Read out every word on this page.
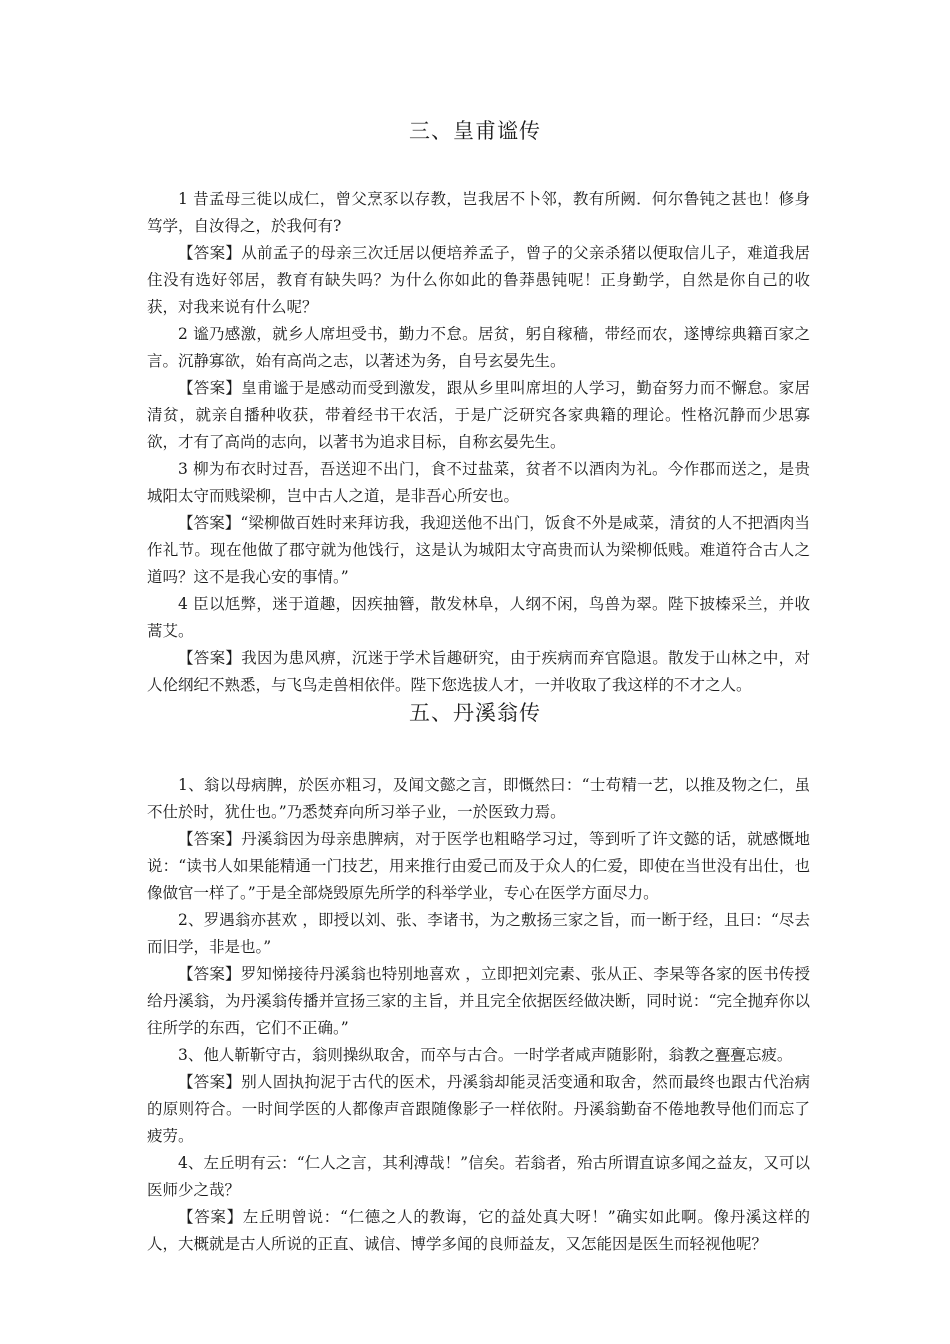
三、皇甫谧传

1 昔孟母三徙以成仁，曾父烹豕以存教，岂我居不卜邻，教有所阙．何尔鲁钝之甚也！修身笃学，自汝得之，於我何有?

【答案】从前孟子的母亲三次迁居以便培养孟子，曾子的父亲杀猪以便取信儿子，难道我居住没有选好邻居，教育有缺失吗？为什么你如此的鲁莽愚钝呢！正身勤学，自然是你自己的收获，对我来说有什么呢？

2 谧乃感激，就乡人席坦受书，勤力不怠。居贫，躬自稼穑，带经而农，遂博综典籍百家之言。沉静寡欲，始有高尚之志，以著述为务，自号玄晏先生。

【答案】皇甫谧于是感动而受到激发，跟从乡里叫席坦的人学习，勤奋努力而不懈怠。家居清贫，就亲自播种收获，带着经书干农活，于是广泛研究各家典籍的理论。性格沉静而少思寡欲，才有了高尚的志向，以著书为追求目标，自称玄晏先生。

3 柳为布衣时过吾，吾送迎不出门，食不过盐菜，贫者不以酒肉为礼。今作郡而送之，是贵城阳太守而贱梁柳，岂中古人之道，是非吾心所安也。

【答案】“梁柳做百姓时来拜访我，我迎送他不出门，饭食不外是咸菜，清贫的人不把酒肉当作礼节。现在他做了郡守就为他饯行，这是认为城阳太守高贵而认为梁柳低贱。难道符合古人之道吗？这不是我心安的事情。”

4 臣以尪弊，迷于道趣，因疾抽簪，散发林阜，人纲不闲，鸟兽为翠。陛下披榛采兰，并收蒿艾。

【答案】我因为患风痹，沉迷于学术旨趣研究，由于疾病而弃官隐退。散发于山林之中，对人伦纲纪不熟悉，与飞鸟走兽相依伴。陛下您选拔人才，一并收取了我这样的不才之人。

五、丹溪翁传

1、翁以母病脾，於医亦粗习，及闻文懿之言，即慨然曰：“士苟精一艺，以推及物之仁，虽不仕於时，犹仕也。”乃悉焚弃向所习举子业，一於医致力焉。

【答案】丹溪翁因为母亲患脾病，对于医学也粗略学习过，等到听了许文懿的话，就感慨地说：“读书人如果能精通一门技艺，用来推行由爱己而及于众人的仁爱，即使在当世没有出仕，也像做官一样了。”于是全部烧毁原先所学的科举学业，专心在医学方面尽力。

2、罗遇翁亦甚欢 ，即授以刘、张、李诸书，为之敷扬三家之旨，而一断于经，且曰：“尽去而旧学，非是也。”

【答案】罗知悌接待丹溪翁也特别地喜欢 ，立即把刘完素、张从正、李杲等各家的医书传授给丹溪翁，为丹溪翁传播并宣扬三家的主旨，并且完全依据医经做决断，同时说：“完全抛弃你以往所学的东西，它们不正确。”

3、他人靳靳守古，翁则操纵取舍，而卒与古合。一时学者咸声随影附，翁教之亹亹忘疲。

【答案】别人固执拘泥于古代的医术，丹溪翁却能灵活变通和取舍，然而最终也跟古代治病的原则符合。一时间学医的人都像声音跟随像影子一样依附。丹溪翁勤奋不倦地教导他们而忘了疲劳。

4、左丘明有云：“仁人之言，其利溥哉！”信矣。若翁者，殆古所谓直谅多闻之益友，又可以医师少之哉？

【答案】左丘明曾说：“仁德之人的教诲，它的益处真大呀！”确实如此啊。像丹溪这样的人，大概就是古人所说的正直、诚信、博学多闻的良师益友，又怎能因是医生而轻视他呢？
